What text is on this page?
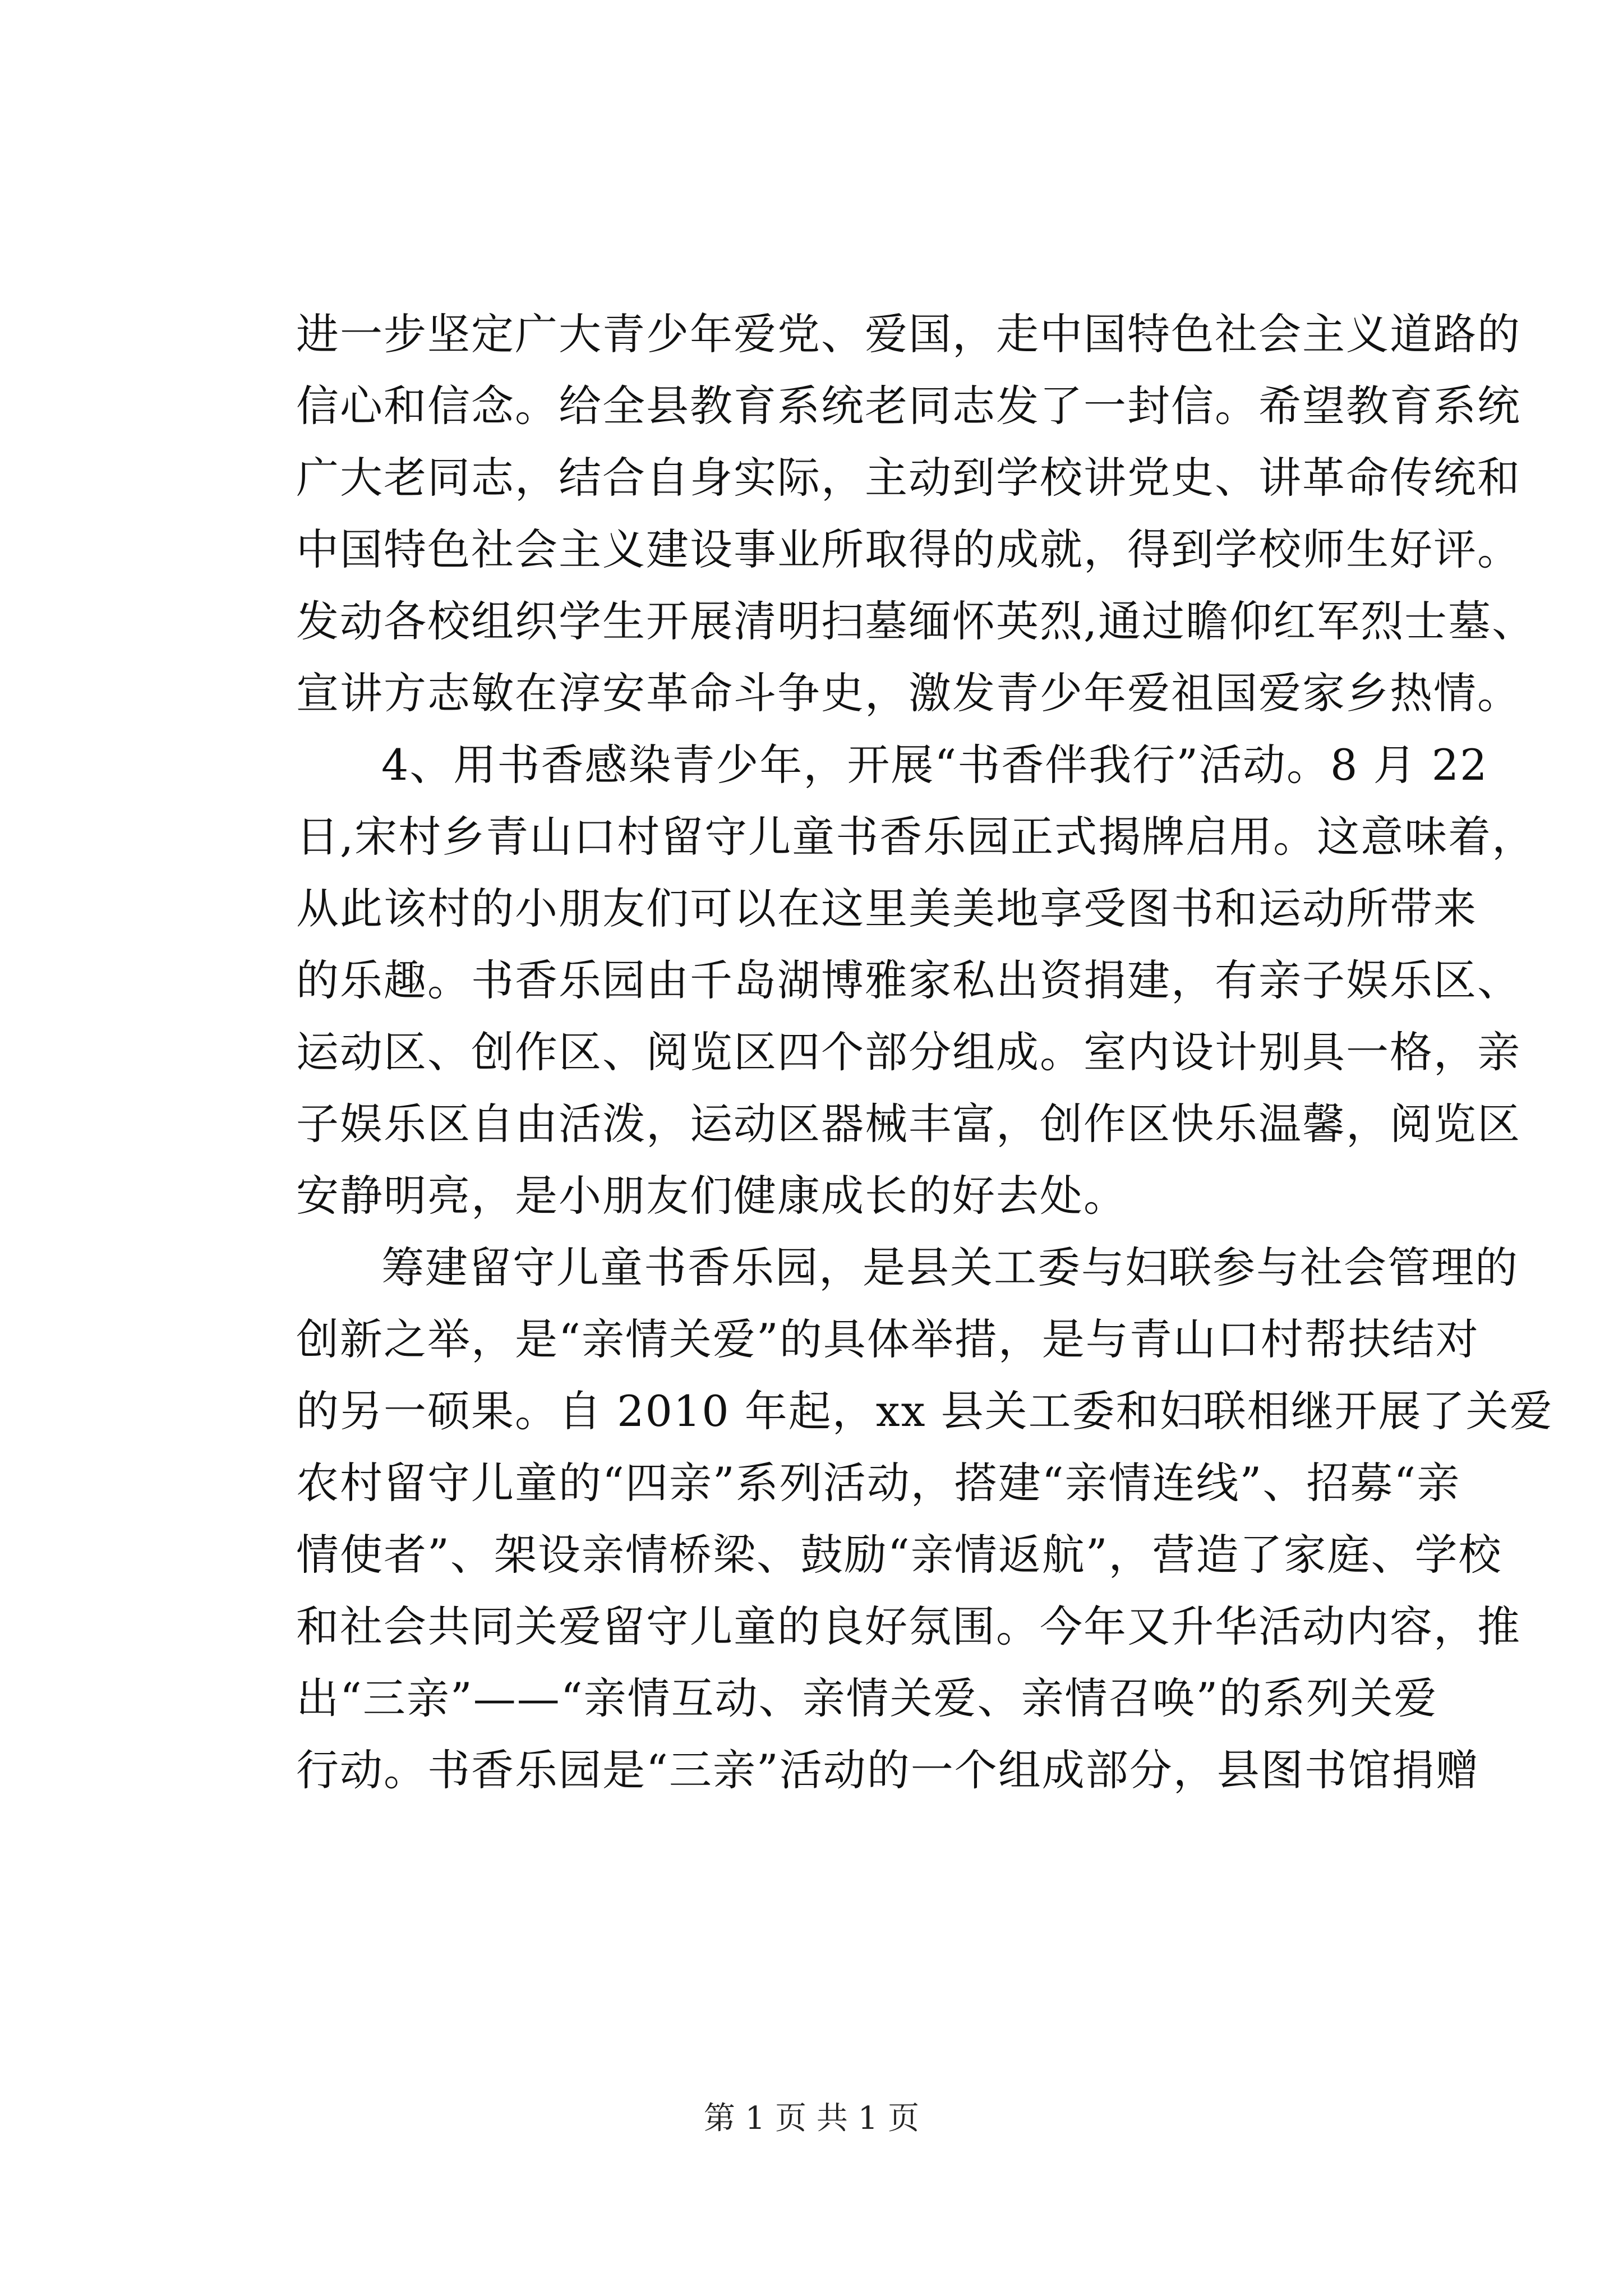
进一步坚定广大青少年爱党、爱国，走中国特色社会主义道路的
信心和信念。给全县教育系统老同志发了一封信。希望教育系统
广大老同志，结合自身实际，主动到学校讲党史、讲革命传统和
中国特色社会主义建设事业所取得的成就，得到学校师生好评。
发动各校组织学生开展清明扫墓缅怀英烈,通过瞻仰红军烈士墓、
宣讲方志敏在淳安革命斗争史，激发青少年爱祖国爱家乡热情。
4、用书香感染青少年，开展“书香伴我行”活动。8 月 22
日,宋村乡青山口村留守儿童书香乐园正式揭牌启用。这意味着，
从此该村的小朋友们可以在这里美美地享受图书和运动所带来
的乐趣。书香乐园由千岛湖博雅家私出资捐建，有亲子娱乐区、
运动区、创作区、阅览区四个部分组成。室内设计别具一格，亲
子娱乐区自由活泼，运动区器械丰富，创作区快乐温馨，阅览区
安静明亮，是小朋友们健康成长的好去处。
筹建留守儿童书香乐园，是县关工委与妇联参与社会管理的
创新之举，是“亲情关爱”的具体举措，是与青山口村帮扶结对
的另一硕果。自 2010 年起，xx 县关工委和妇联相继开展了关爱
农村留守儿童的“四亲”系列活动，搭建“亲情连线”、招募“亲
情使者”、架设亲情桥梁、鼓励“亲情返航”，营造了家庭、学校
和社会共同关爱留守儿童的良好氛围。今年又升华活动内容，推
出“三亲”——“亲情互动、亲情关爱、亲情召唤”的系列关爱
行动。书香乐园是“三亲”活动的一个组成部分，县图书馆捐赠
第 1 页 共 1 页
